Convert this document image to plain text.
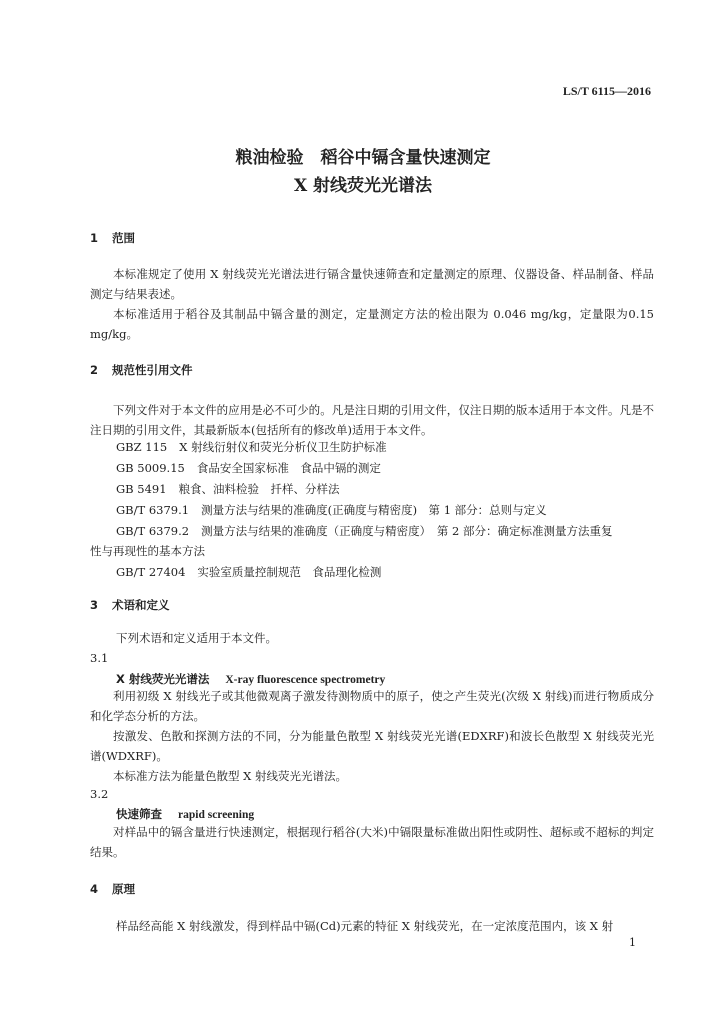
LS/T 6115—2016
粮油检验　稻谷中镉含量快速测定
X 射线荧光光谱法
1 范围

本标准规定了使用 X 射线荧光光谱法进行镉含量快速筛查和定量测定的原理、仪器设备、样品制备、样品测定与结果表述。

本标准适用于稻谷及其制品中镉含量的测定，定量测定方法的检出限为 0.046 mg/kg，定量限为0.15 mg/kg。

2 规范性引用文件

下列文件对于本文件的应用是必不可少的。凡是注日期的引用文件，仅注日期的版本适用于本文件。凡是不注日期的引用文件，其最新版本(包括所有的修改单)适用于本文件。

GBZ 115 X 射线衍射仪和荧光分析仪卫生防护标准
GB 5009.15 食品安全国家标准　食品中镉的测定
GB 5491 粮食、油料检验　扦样、分样法
GB/T 6379.1 测量方法与结果的准确度(正确度与精密度)　第 1 部分：总则与定义
GB/T 6379.2 测量方法与结果的准确度（正确度与精密度）　第 2 部分：确定标准测量方法重复
性与再现性的基本方法
GB/T 27404 实验室质量控制规范　食品理化检测
3 术语和定义
下列术语和定义适用于本文件。
3.1
X 射线荧光光谱法 X-ray fluorescence spectrometry

利用初级 X 射线光子或其他微观离子激发待测物质中的原子，使之产生荧光(次级 X 射线)而进行物质成分和化学态分析的方法。

按激发、色散和探测方法的不同，分为能量色散型 X 射线荧光光谱(EDXRF)和波长色散型 X 射线荧光光谱(WDXRF)。

本标准方法为能量色散型 X 射线荧光光谱法。

3.2
快速筛查 rapid screening

对样品中的镉含量进行快速测定，根据现行稻谷(大米)中镉限量标准做出阳性或阴性、超标或不超标的判定结果。

4 原理
样品经高能 X 射线激发，得到样品中镉(Cd)元素的特征 X 射线荧光，在一定浓度范围内，该 X 射
1
